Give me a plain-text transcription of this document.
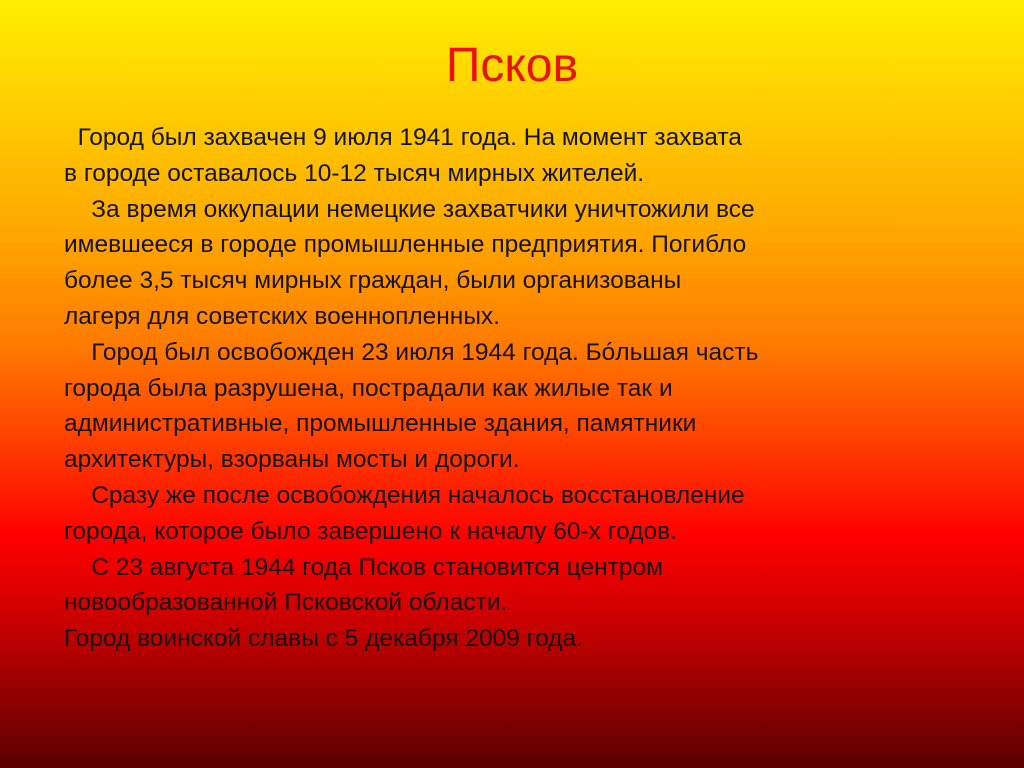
Псков

Город был захвачен 9 июля 1941 года. На момент захвата
в городе оставалось 10-12 тысяч мирных жителей.

За время оккупации немецкие захватчики уничтожили все
имевшееся в городе промышленные предприятия. Погибло
более 3,5 тысяч мирных граждан, были организованы
лагеря для советских военнопленных.

Город был освобожден 23 июля 1944 года. Бóльшая часть
города была разрушена, пострадали как жилые так и
административные, промышленные здания, памятники
архитектуры, взорваны мосты и дороги.

Сразу же после освобождения началось восстановление
города, которое было завершено к началу 60-х годов.

С 23 августа 1944 года Псков становится центром
новообразованной Псковской области.

Город воинской славы с 5 декабря 2009 года.
